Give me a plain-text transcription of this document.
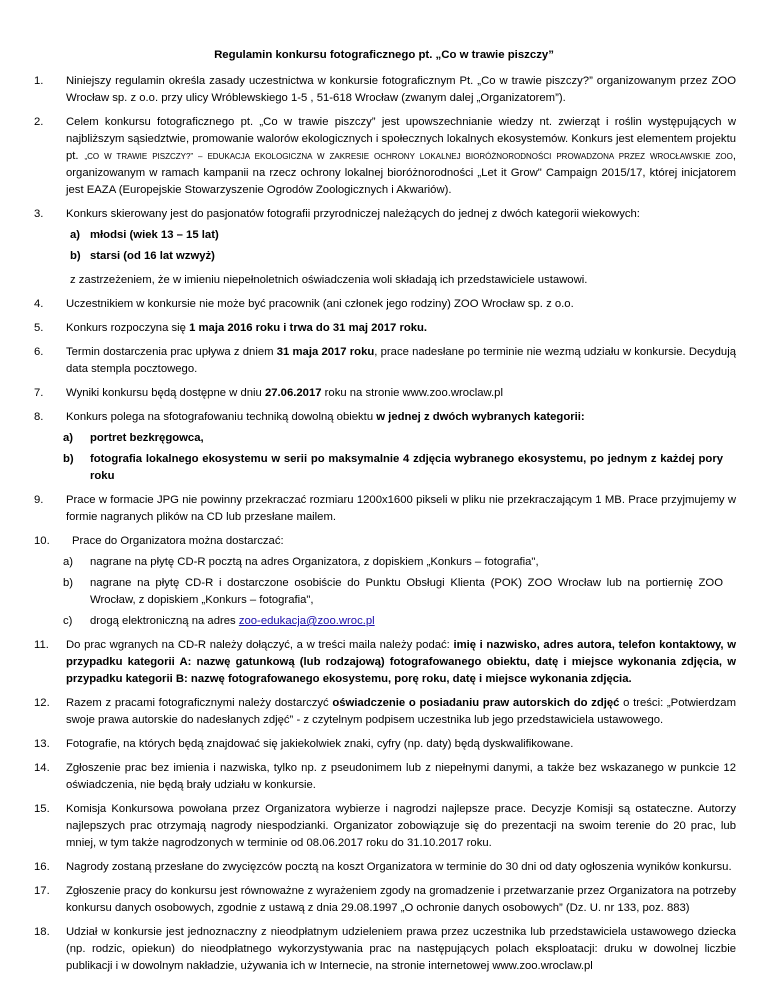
Regulamin konkursu fotograficznego pt. „Co w trawie piszczy”
1. Niniejszy regulamin określa zasady uczestnictwa w konkursie fotograficznym Pt. „Co w trawie piszczy?” organizowanym przez ZOO Wrocław sp. z o.o. przy ulicy Wróblewskiego 1-5 , 51-618 Wrocław (zwanym dalej „Organizatorem”).
2. Celem konkursu fotograficznego pt. „Co w trawie piszczy” jest upowszechnianie wiedzy nt. zwierząt i roślin występujących w najbliższym sąsiedztwie, promowanie walorów ekologicznych i społecznych lokalnych ekosystemów. Konkurs jest elementem projektu pt. „CO W TRAWIE PISZCZY?” – EDUKACJA EKOLOGICZNA W ZAKRESIE OCHRONY LOKALNEJ BIORÓŻNORODNOŚCI PROWADZONA PRZEZ WROCŁAWSKIE ZOO, organizowanym w ramach kampanii na rzecz ochrony lokalnej bioróżnorodności „Let it Grow" Campaign 2015/17, której inicjatorem jest EAZA (Europejskie Stowarzyszenie Ogrodów Zoologicznych i Akwariów).
3. Konkurs skierowany jest do pasjonatów fotografii przyrodniczej należących do jednej z dwóch kategorii wiekowych:
a) młodsi (wiek 13 – 15 lat)
b) starsi (od 16 lat wzwyż)
z zastrzeżeniem, że w imieniu niepełnoletnich oświadczenia woli składają ich przedstawiciele ustawowi.
4. Uczestnikiem w konkursie nie może być pracownik (ani członek jego rodziny) ZOO Wrocław sp. z o.o.
5. Konkurs rozpoczyna się 1 maja 2016 roku i trwa do 31 maj 2017 roku.
6. Termin dostarczenia prac upływa z dniem 31 maja 2017 roku, prace nadesłane po terminie nie wezmą udziału w konkursie. Decydują data stempla pocztowego.
7. Wyniki konkursu będą dostępne w dniu 27.06.2017 roku na stronie www.zoo.wroclaw.pl
8. Konkurs polega na sfotografowaniu techniką dowolną obiektu w jednej z dwóch wybranych kategorii:
a) portret bezkręgowca,
b) fotografia lokalnego ekosystemu w serii po maksymalnie 4 zdjęcia wybranego ekosystemu, po jednym z każdej pory roku
9. Prace w formacie JPG nie powinny przekraczać rozmiaru 1200x1600 pikseli w pliku nie przekraczającym 1 MB. Prace przyjmujemy w formie nagranych plików na CD lub przesłane mailem.
10. Prace do Organizatora można dostarczać:
a) nagrane na płytę CD-R pocztą na adres Organizatora, z dopiskiem „Konkurs – fotografia",
b) nagrane na płytę CD-R i dostarczone osobiście do Punktu Obsługi Klienta (POK) ZOO Wrocław lub na portiernię ZOO Wrocław, z dopiskiem „Konkurs – fotografia",
c) drogą elektroniczną na adres zoo-edukacja@zoo.wroc.pl
11. Do prac wgranych na CD-R należy dołączyć, a w treści maila należy podać: imię i nazwisko, adres autora, telefon kontaktowy, w przypadku kategorii A: nazwę gatunkową (lub rodzajową) fotografowanego obiektu, datę i miejsce wykonania zdjęcia, w przypadku kategorii B: nazwę fotografowanego ekosystemu, porę roku, datę i miejsce wykonania zdjęcia.
12. Razem z pracami fotograficznymi należy dostarczyć oświadczenie o posiadaniu praw autorskich do zdjęć o treści: „Potwierdzam swoje prawa autorskie do nadesłanych zdjęć” - z czytelnym podpisem uczestnika lub jego przedstawiciela ustawowego.
13. Fotografie, na których będą znajdować się jakiekolwiek znaki, cyfry (np. daty) będą dyskwalifikowane.
14. Zgłoszenie prac bez imienia i nazwiska, tylko np. z pseudonimem lub z niepełnymi danymi, a także bez wskazanego w punkcie 12 oświadczenia, nie będą brały udziału w konkursie.
15. Komisja Konkursowa powołana przez Organizatora wybierze i nagrodzi najlepsze prace. Decyzje Komisji są ostateczne. Autorzy najlepszych prac otrzymają nagrody niespodzianki. Organizator zobowiązuje się do prezentacji na swoim terenie do 20 prac, lub mniej, w tym także nagrodzonych w terminie od 08.06.2017 roku do 31.10.2017 roku.
16. Nagrody zostaną przesłane do zwycięzców pocztą na koszt Organizatora w terminie do 30 dni od daty ogłoszenia wyników konkursu.
17. Zgłoszenie pracy do konkursu jest równoważne z wyrażeniem zgody na gromadzenie i przetwarzanie przez Organizatora na potrzeby konkursu danych osobowych, zgodnie z ustawą z dnia 29.08.1997 „O ochronie danych osobowych” (Dz. U. nr 133, poz. 883)
18. Udział w konkursie jest jednoznaczny z nieodpłatnym udzieleniem prawa przez uczestnika lub przedstawiciela ustawowego dziecka (np. rodzic, opiekun) do nieodpłatnego wykorzystywania prac na następujących polach eksploatacji: druku w dowolnej liczbie publikacji i w dowolnym nakładzie, używania ich w Internecie, na stronie internetowej www.zoo.wroclaw.pl
